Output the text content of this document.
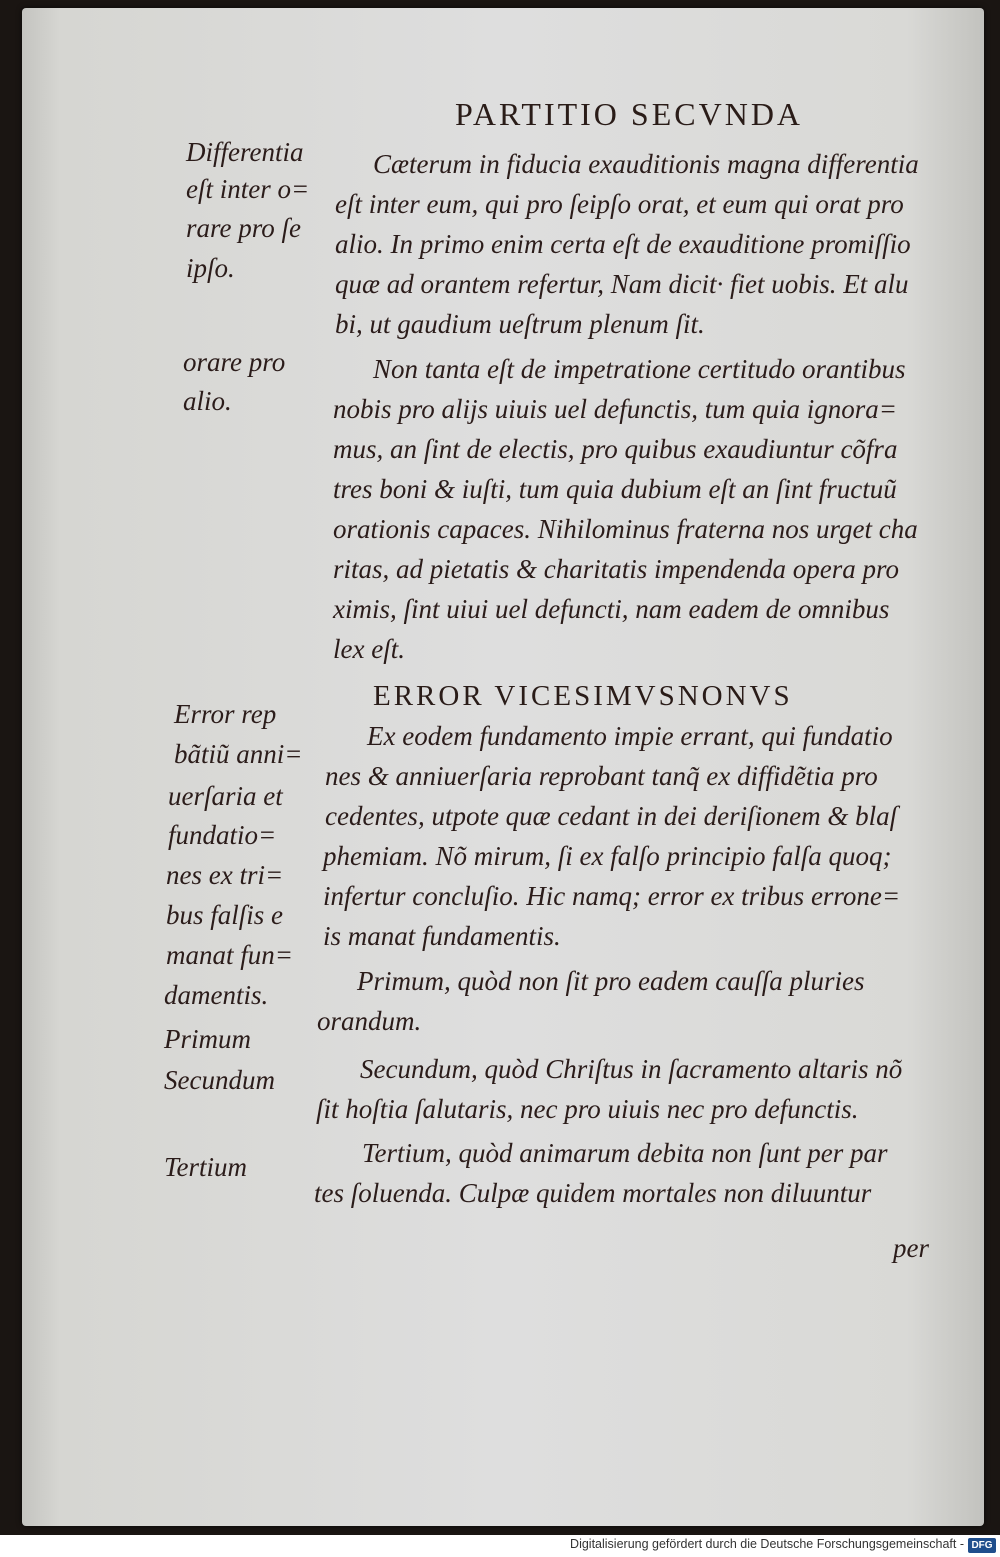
PARTITIO SECVNDA
Differentia
eſt inter o=
rare pro ſe
ipſo.
orare pro
alio.
Error rep
bãtiũ anni=
uerſaria et
fundatio=
nes ex tri=
bus falſis e
manat fun=
damentis.
Primum
Secundum
Tertium
Cæterum in fiducia exauditionis magna differentia
eſt inter eum, qui pro ſeipſo orat, et eum qui orat pro
alio. In primo enim certa eſt de exauditione promiſſio
quæ ad orantem refertur, Nam dicit· fiet uobis. Et alu
bi, ut gaudium ueſtrum plenum ſit.
Non tanta eſt de impetratione certitudo orantibus
nobis pro alijs uiuis uel defunctis, tum quia ignora=
mus, an ſint de electis, pro quibus exaudiuntur cõfra
tres boni & iuſti, tum quia dubium eſt an ſint fructuũ
orationis capaces. Nihilominus fraterna nos urget cha
ritas, ad pietatis & charitatis impendenda opera pro
ximis, ſint uiui uel defuncti, nam eadem de omnibus
lex eſt.
ERROR VICESIMVSNONVS
Ex eodem fundamento impie errant, qui fundatio
nes & anniuerſaria reprobant tanq̃ ex diffidẽtia pro
cedentes, utpote quæ cedant in dei deriſionem & blaſ
phemiam. Nõ mirum, ſi ex falſo principio falſa quoq;
infertur concluſio. Hic namq; error ex tribus errone=
is manat fundamentis.
Primum, quòd non ſit pro eadem cauſſa pluries
orandum.
Secundum, quòd Chriſtus in ſacramento altaris nõ
ſit hoſtia ſalutaris, nec pro uiuis nec pro defunctis.
Tertium, quòd animarum debita non ſunt per par
tes ſoluenda. Culpæ quidem mortales non diluuntur
per
Digitalisierung gefördert durch die Deutsche Forschungsgemeinschaft - DFG
